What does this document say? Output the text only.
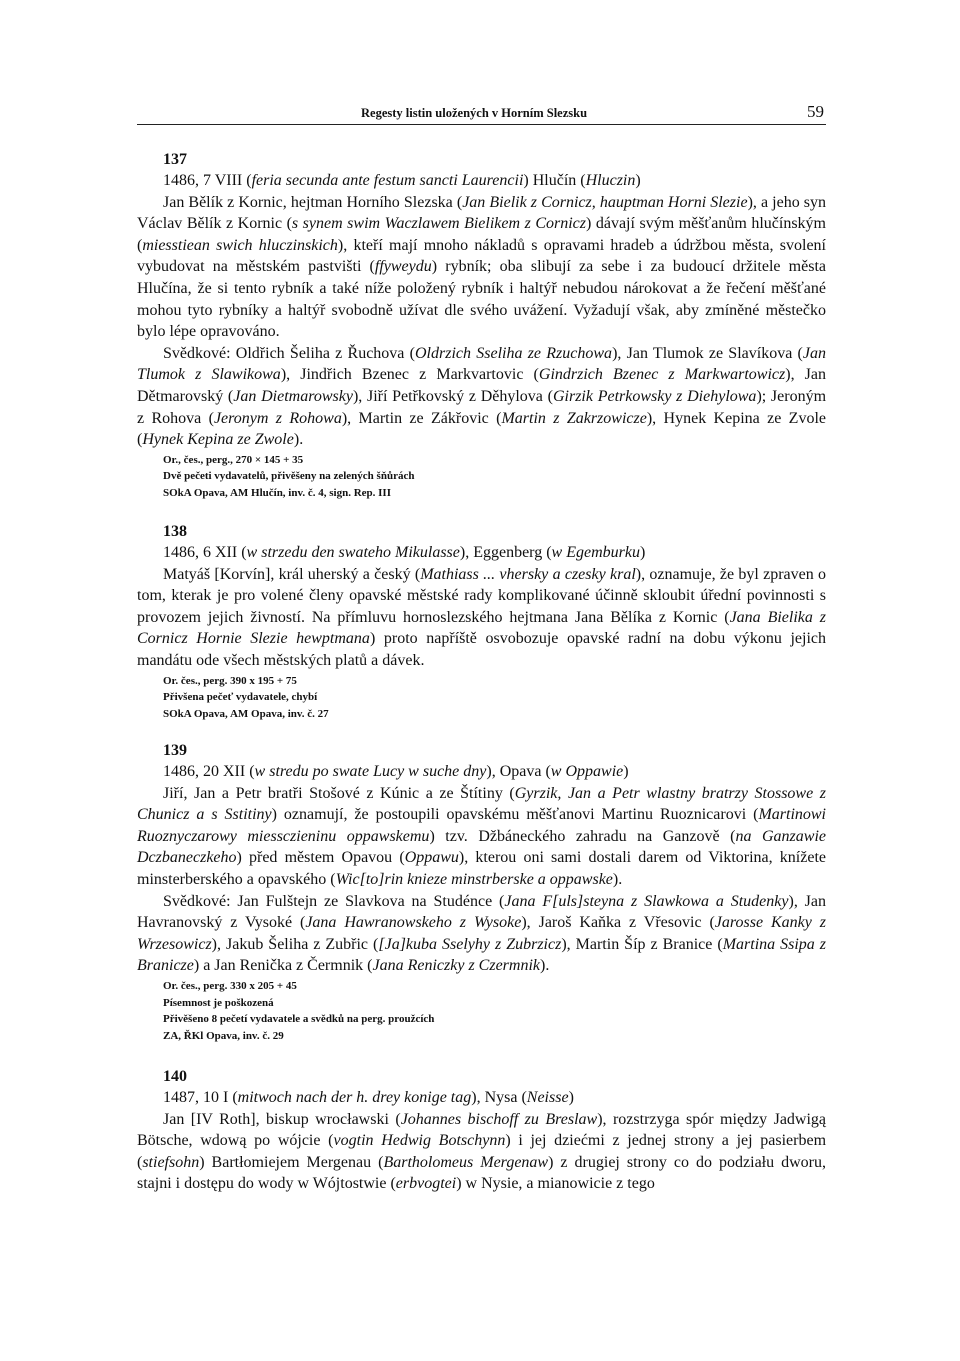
Regesty listin uložených v Horním Slezsku	59
137
1486, 7 VIII (feria secunda ante festum sancti Laurencii) Hlučín (Hluczin)

Jan Bělík z Kornic, hejtman Horního Slezska (Jan Bielik z Cornicz, hauptman Horni Slezie), a jeho syn Václav Bělík z Kornic (s synem swim Waczlawem Bielikem z Cornicz) dávají svým měšťanům hlučínským (miesstiean swich hluczinskich), kteří mají mnoho nákladů s opravami hradeb a údržbou města, svolení vybudovat na městském pastvišti (ffyweydu) rybník; oba slibují za sebe i za budoucí držitele města Hlučína, že si tento rybník a také níže položený rybník i haltýř nebudou nárokovat a že řečení měšťané mohou tyto rybníky a haltýř svobodně užívat dle svého uvážení. Vyžadují však, aby zmíněné městečko bylo lépe opravováno.

Svědkové: Oldřich Šeliha z Řuchova (Oldrzich Sseliha ze Rzuchowa), Jan Tlumok ze Slavíkova (Jan Tlumok z Slawikowa), Jindřich Bzenec z Markvartovic (Gindrzich Bzenec z Markwartowicz), Jan Dětmarovský (Jan Dietmarowsky), Jiří Petřkovský z Děhylova (Girzik Petrkowsky z Diehylowa); Jeroným z Rohova (Jeronym z Rohowa), Martin ze Zákřovic (Martin z Zakrzowicze), Hynek Kepina ze Zvole (Hynek Kepina ze Zwole).

Or., čes., perg., 270 × 145 + 35
Dvě pečeti vydavatelů, přivěšeny na zelených šňůrách
SOkA Opava, AM Hlučín, inv. č. 4, sign. Rep. III
138
1486, 6 XII (w strzedu den swateho Mikulasse), Eggenberg (w Egemburku)

Matyáš [Korvín], král uherský a český (Mathiass ... vhersky a czesky kral), oznamuje, že byl zpraven o tom, kterak je pro volené členy opavské městské rady komplikované účinně skloubit úřední povinnosti s provozem jejich živností. Na přímluvu hornoslezského hejtmana Jana Bělíka z Kornic (Jana Bielika z Cornicz Hornie Slezie hewptmana) proto napříště osvobozuje opavské radní na dobu výkonu jejich mandátu ode všech městských platů a dávek.

Or. čes., perg. 390 x 195 + 75
Přivšena pečeť vydavatele, chybí
SOkA Opava, AM Opava, inv. č. 27
139
1486, 20 XII (w stredu po swate Lucy w suche dny), Opava (w Oppawie)

Jiří, Jan a Petr bratři Stošové z Kúnic a ze Štítiny (Gyrzik, Jan a Petr wlastny bratrzy Stossowe z Chunicz a s Sstitiny) oznamují, že postoupili opavskému měšťanovi Martinu Ruoznicarovi (Martinowi Ruoznyczarowy miessczieninu oppawskemu) tzv. Džbáneckého zahradu na Ganzově (na Ganzawie Dczbaneczkeho) před městem Opavou (Oppawu), kterou oni sami dostali darem od Viktorina, knížete minsterberského a opavského (Wic[to]rin knieze minstrberske a oppawske).

Svědkové: Jan Fulštejn ze Slavkova na Studénce (Jana F[uls]steyna z Slawkowa a Studenky), Jan Havranovský z Vysoké (Jana Hawranowskeho z Wysoke), Jaroš Kaňka z Vřesovic (Jarosse Kanky z Wrzesowicz), Jakub Šeliha z Zubřic ([Ja]kuba Sselyhy z Zubrzicz), Martin Šíp z Branice (Martina Ssipa z Branicze) a Jan Renička z Čermnik (Jana Reniczky z Czermnik).

Or. čes., perg. 330 x 205 + 45
Písemnost je poškozená
Přivěšeno 8 pečetí vydavatele a svědků na perg. proužcích
ZA, ŘKl Opava, inv. č. 29
140
1487, 10 I (mitwoch nach der h. drey konige tag), Nysa (Neisse)

Jan [IV Roth], biskup wrocławski (Johannes bischoff zu Breslaw), rozstrzyga spór między Jadwigą Bötsche, wdową po wójcie (vogtin Hedwig Botschynn) i jej dziećmi z jednej strony a jej pasierbem (stiefsohn) Bartłomiejem Mergenau (Bartholomeus Mergenaw) z drugiej strony co do podziału dworu, stajni i dostępu do wody w Wójtostwie (erbvogtei) w Nysie, a mianowicie z tego
